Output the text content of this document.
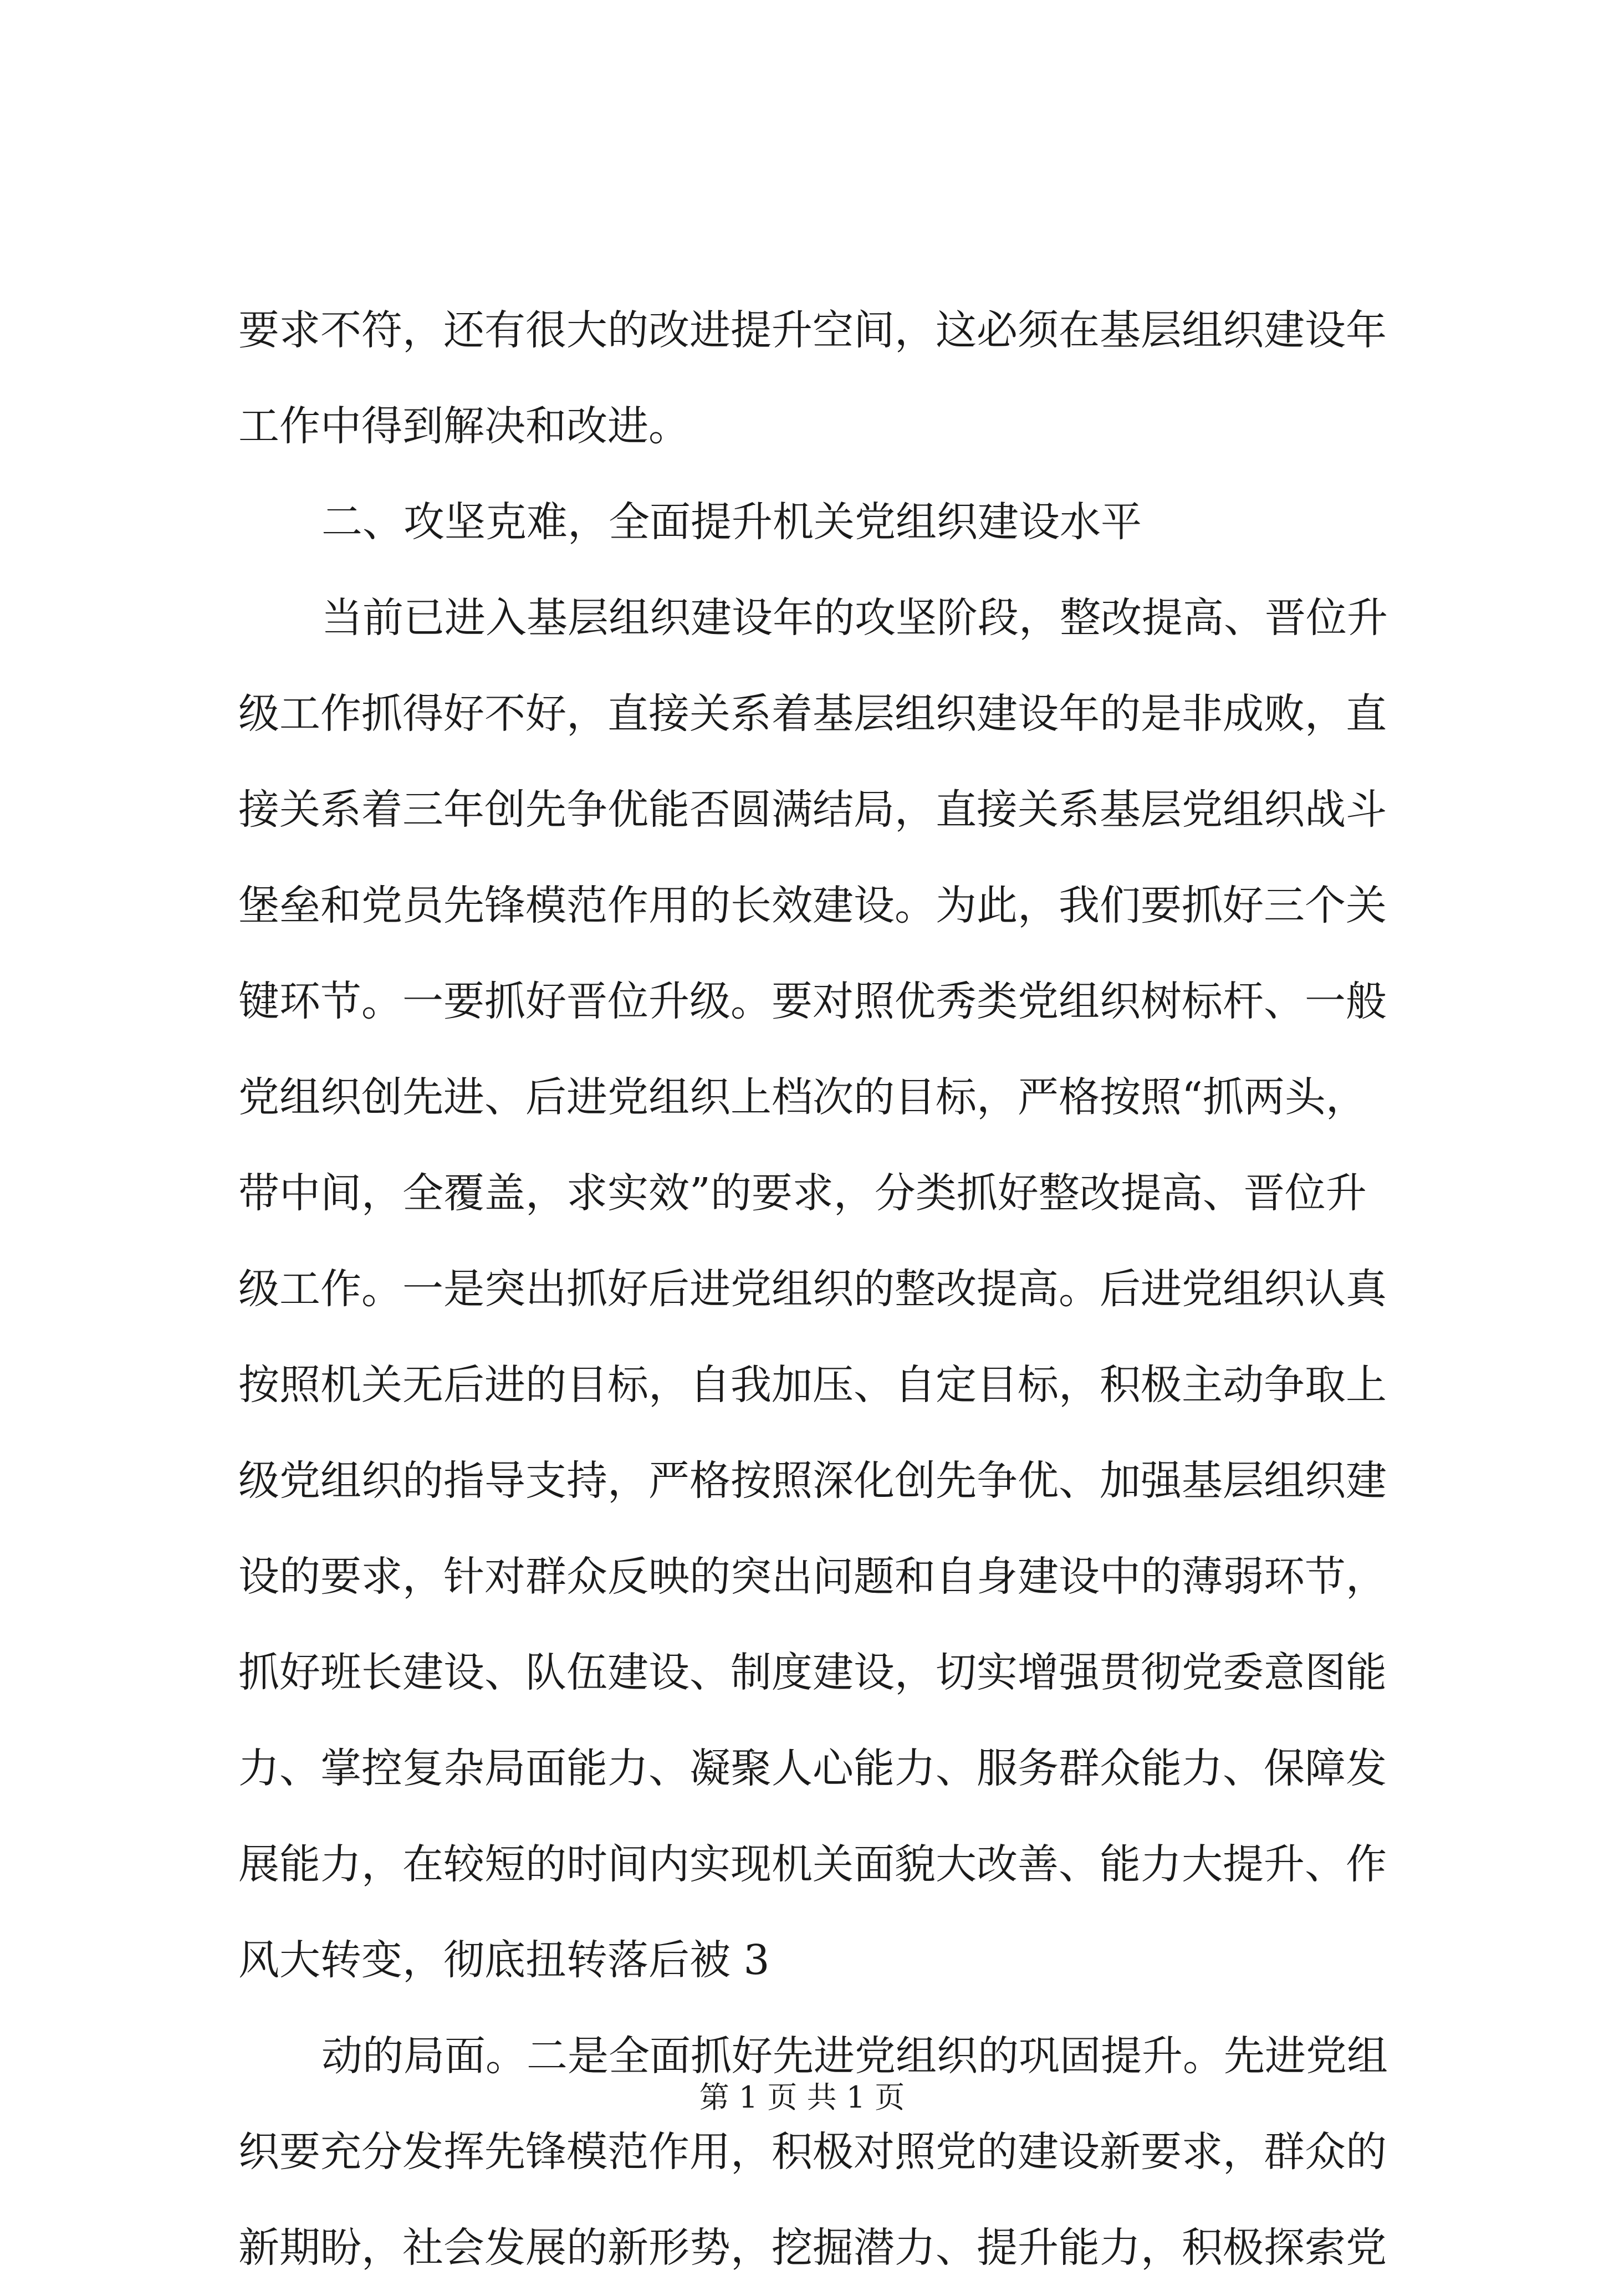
要求不符，还有很大的改进提升空间，这必须在基层组织建设年
工作中得到解决和改进。
二、攻坚克难，全面提升机关党组织建设水平
当前已进入基层组织建设年的攻坚阶段，整改提高、晋位升
级工作抓得好不好，直接关系着基层组织建设年的是非成败，直
接关系着三年创先争优能否圆满结局，直接关系基层党组织战斗
堡垒和党员先锋模范作用的长效建设。为此，我们要抓好三个关
键环节。一要抓好晋位升级。要对照优秀类党组织树标杆、一般
党组织创先进、后进党组织上档次的目标，严格按照“抓两头，
带中间，全覆盖，求实效”的要求，分类抓好整改提高、晋位升
级工作。一是突出抓好后进党组织的整改提高。后进党组织认真
按照机关无后进的目标，自我加压、自定目标，积极主动争取上
级党组织的指导支持，严格按照深化创先争优、加强基层组织建
设的要求，针对群众反映的突出问题和自身建设中的薄弱环节，
抓好班长建设、队伍建设、制度建设，切实增强贯彻党委意图能
力、掌控复杂局面能力、凝聚人心能力、服务群众能力、保障发
展能力，在较短的时间内实现机关面貌大改善、能力大提升、作
风大转变，彻底扭转落后被 3
动的局面。二是全面抓好先进党组织的巩固提升。先进党组
织要充分发挥先锋模范作用，积极对照党的建设新要求，群众的
新期盼，社会发展的新形势，挖掘潜力、提升能力，积极探索党
第 1 页 共 1 页
